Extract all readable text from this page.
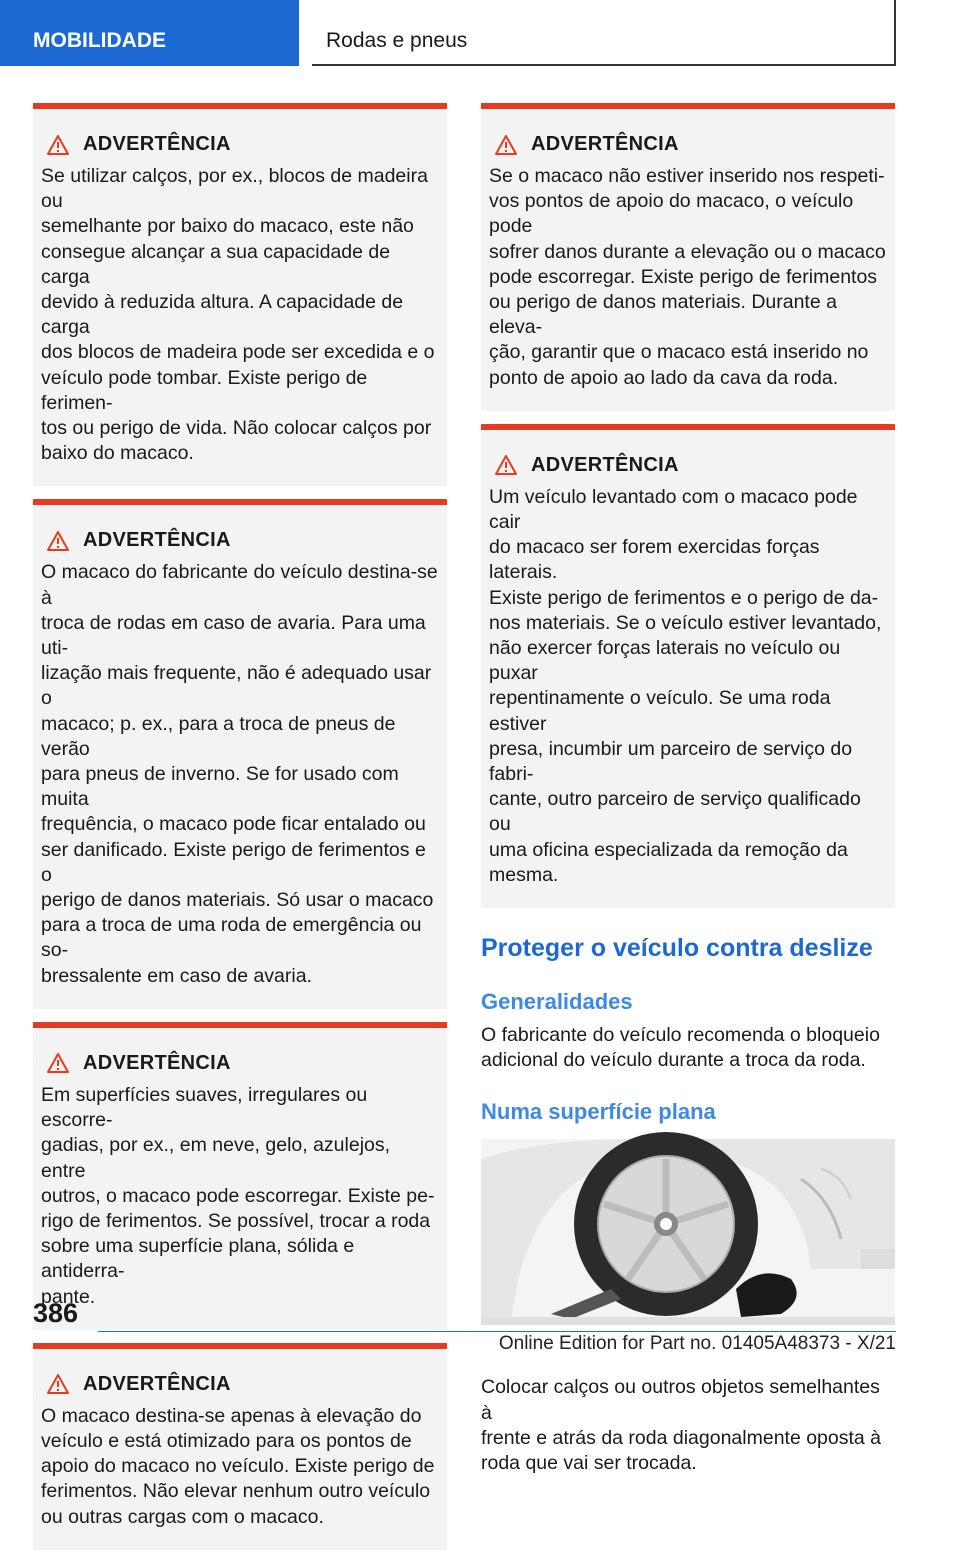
MOBILIDADE	Rodas e pneus
ADVERTÊNCIA
Se utilizar calços, por ex., blocos de madeira ou
semelhante por baixo do macaco, este não
consegue alcançar a sua capacidade de carga
devido à reduzida altura. A capacidade de carga
dos blocos de madeira pode ser excedida e o
veículo pode tombar. Existe perigo de ferimen-
tos ou perigo de vida. Não colocar calços por
baixo do macaco.
ADVERTÊNCIA
O macaco do fabricante do veículo destina-se à
troca de rodas em caso de avaria. Para uma uti-
lização mais frequente, não é adequado usar o
macaco; p. ex., para a troca de pneus de verão
para pneus de inverno. Se for usado com muita
frequência, o macaco pode ficar entalado ou
ser danificado. Existe perigo de ferimentos e o
perigo de danos materiais. Só usar o macaco
para a troca de uma roda de emergência ou so-
bressalente em caso de avaria.
ADVERTÊNCIA
Em superfícies suaves, irregulares ou escorre-
gadias, por ex., em neve, gelo, azulejos, entre
outros, o macaco pode escorregar. Existe pe-
rigo de ferimentos. Se possível, trocar a roda
sobre uma superfície plana, sólida e antiderra-
pante.
ADVERTÊNCIA
O macaco destina-se apenas à elevação do
veículo e está otimizado para os pontos de
apoio do macaco no veículo. Existe perigo de
ferimentos. Não elevar nenhum outro veículo
ou outras cargas com o macaco.
ADVERTÊNCIA
Se o macaco não estiver inserido nos respeti-
vos pontos de apoio do macaco, o veículo pode
sofrer danos durante a elevação ou o macaco
pode escorregar. Existe perigo de ferimentos
ou perigo de danos materiais. Durante a eleva-
ção, garantir que o macaco está inserido no
ponto de apoio ao lado da cava da roda.
ADVERTÊNCIA
Um veículo levantado com o macaco pode cair
do macaco ser forem exercidas forças laterais.
Existe perigo de ferimentos e o perigo de da-
nos materiais. Se o veículo estiver levantado,
não exercer forças laterais no veículo ou puxar
repentinamente o veículo. Se uma roda estiver
presa, incumbir um parceiro de serviço do fabri-
cante, outro parceiro de serviço qualificado ou
uma oficina especializada da remoção da
mesma.
Proteger o veículo contra deslize
Generalidades
O fabricante do veículo recomenda o bloqueio
adicional do veículo durante a troca da roda.
Numa superfície plana
Colocar calços ou outros objetos semelhantes à
frente e atrás da roda diagonalmente oposta à
roda que vai ser trocada.
386
Online Edition for Part no. 01405A48373 - X/21
